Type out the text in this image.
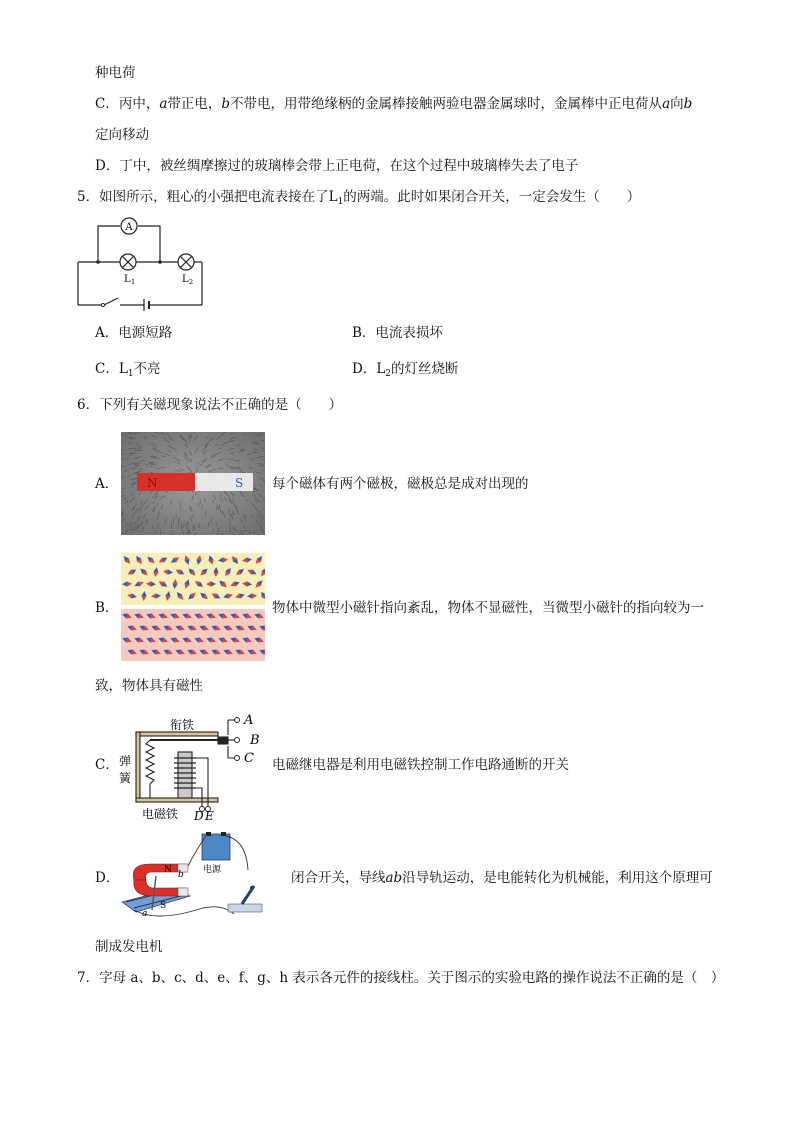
种电荷
C．丙中，a带正电，b不带电，用带绝缘柄的金属棒接触两验电器金属球时，金属棒中正电荷从a向b
定向移动
D．丁中，被丝绸摩擦过的玻璃棒会带上正电荷，在这个过程中玻璃棒失去了电子
5．如图所示，粗心的小强把电流表接在了$L_1$的两端。此时如果闭合开关，一定会发生（　　）
A
L 1	L 2
A．电源短路	B．电流表损坏
C．$L_1$不亮	D．$L_2$的灯丝烧断
6．下列有关磁现象说法不正确的是（　　）
A． N	S 每个磁体有两个磁极，磁极总是成对出现的
B．	物体中微型小磁针指向紊乱，物体不显磁性，当微型小磁针的指向较为一
致，物体具有磁性
C．
A
B
C
D E
衔铁
弹
簧
电磁铁
电磁继电器是利用电磁铁控制工作电路通断的开关
D．	电源
N
S
a
b	闭合开关，导线ab沿导轨运动，是电能转化为机械能，利用这个原理可
制成发电机
7．字母 a、b、c、d、e、f、g、h 表示各元件的接线柱。关于图示的实验电路的操作说法不正确的是（　）
